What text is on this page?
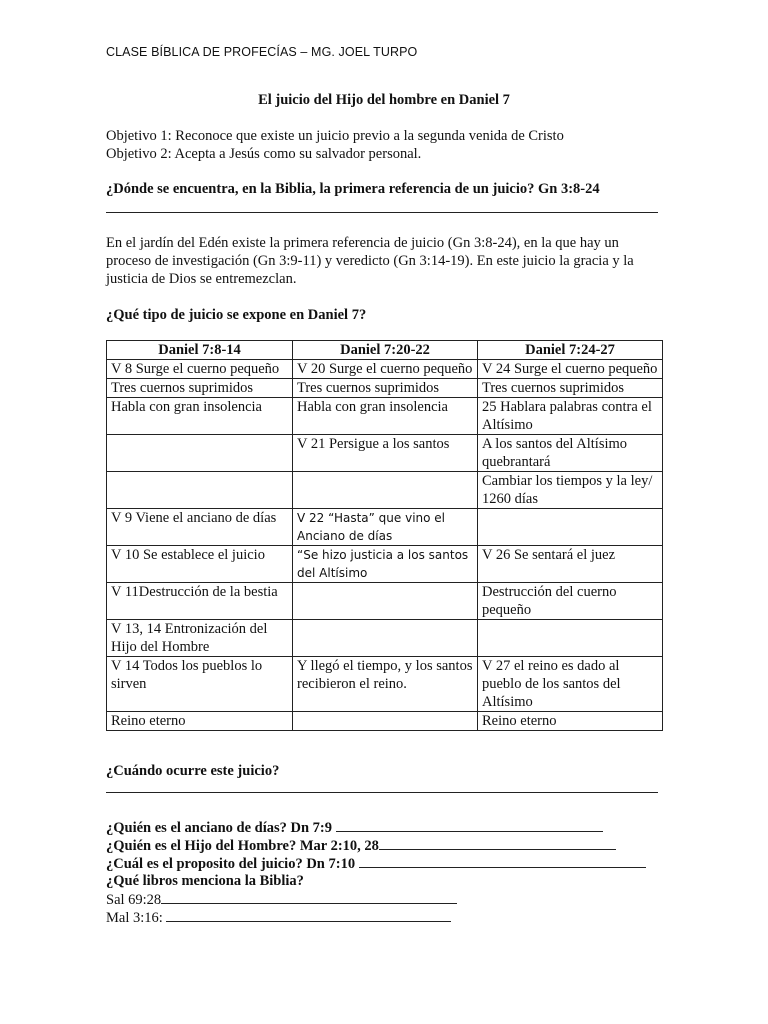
CLASE BÍBLICA DE PROFECÍAS – MG. JOEL TURPO
El juicio del Hijo del hombre en Daniel 7
Objetivo 1: Reconoce que existe un juicio previo a la segunda venida de Cristo
Objetivo 2: Acepta a Jesús como su salvador personal.
¿Dónde se encuentra, en la Biblia, la primera referencia de un juicio? Gn 3:8-24
En el jardín del Edén existe la primera referencia de juicio (Gn 3:8-24), en la que hay un proceso de investigación (Gn 3:9-11) y veredicto (Gn 3:14-19). En este juicio la gracia y la justicia de Dios se entremezclan.
¿Qué tipo de juicio se expone en Daniel 7?
Daniel 7:8-14	Daniel 7:20-22	Daniel 7:24-27
V 8 Surge el cuerno pequeño	V 20 Surge el cuerno pequeño	V 24 Surge el cuerno pequeño
Tres cuernos suprimidos	Tres cuernos suprimidos	Tres cuernos suprimidos
Habla con gran insolencia	Habla con gran insolencia	25 Hablara palabras contra el Altísimo
	V 21 Persigue a los santos	A los santos del Altísimo quebrantará
		Cambiar los tiempos y la ley/ 1260 días
V 9 Viene el anciano de días	V 22 “Hasta” que vino el Anciano de días	
V 10 Se establece el juicio	“Se hizo justicia a los santos del Altísimo	V 26 Se sentará el juez
V 11Destrucción de la bestia		Destrucción del cuerno pequeño
V 13, 14 Entronización del Hijo del Hombre		
V 14 Todos los pueblos lo sirven	Y llegó el tiempo, y los santos recibieron el reino.	V 27 el reino es dado al pueblo de los santos del Altísimo
Reino eterno		Reino eterno
¿Cuándo ocurre este juicio?
¿Quién es el anciano de días? Dn 7:9
¿Quién es el Hijo del Hombre? Mar 2:10, 28
¿Cuál es el proposito del juicio? Dn 7:10
¿Qué libros menciona la Biblia?
Sal 69:28
Mal 3:16:
